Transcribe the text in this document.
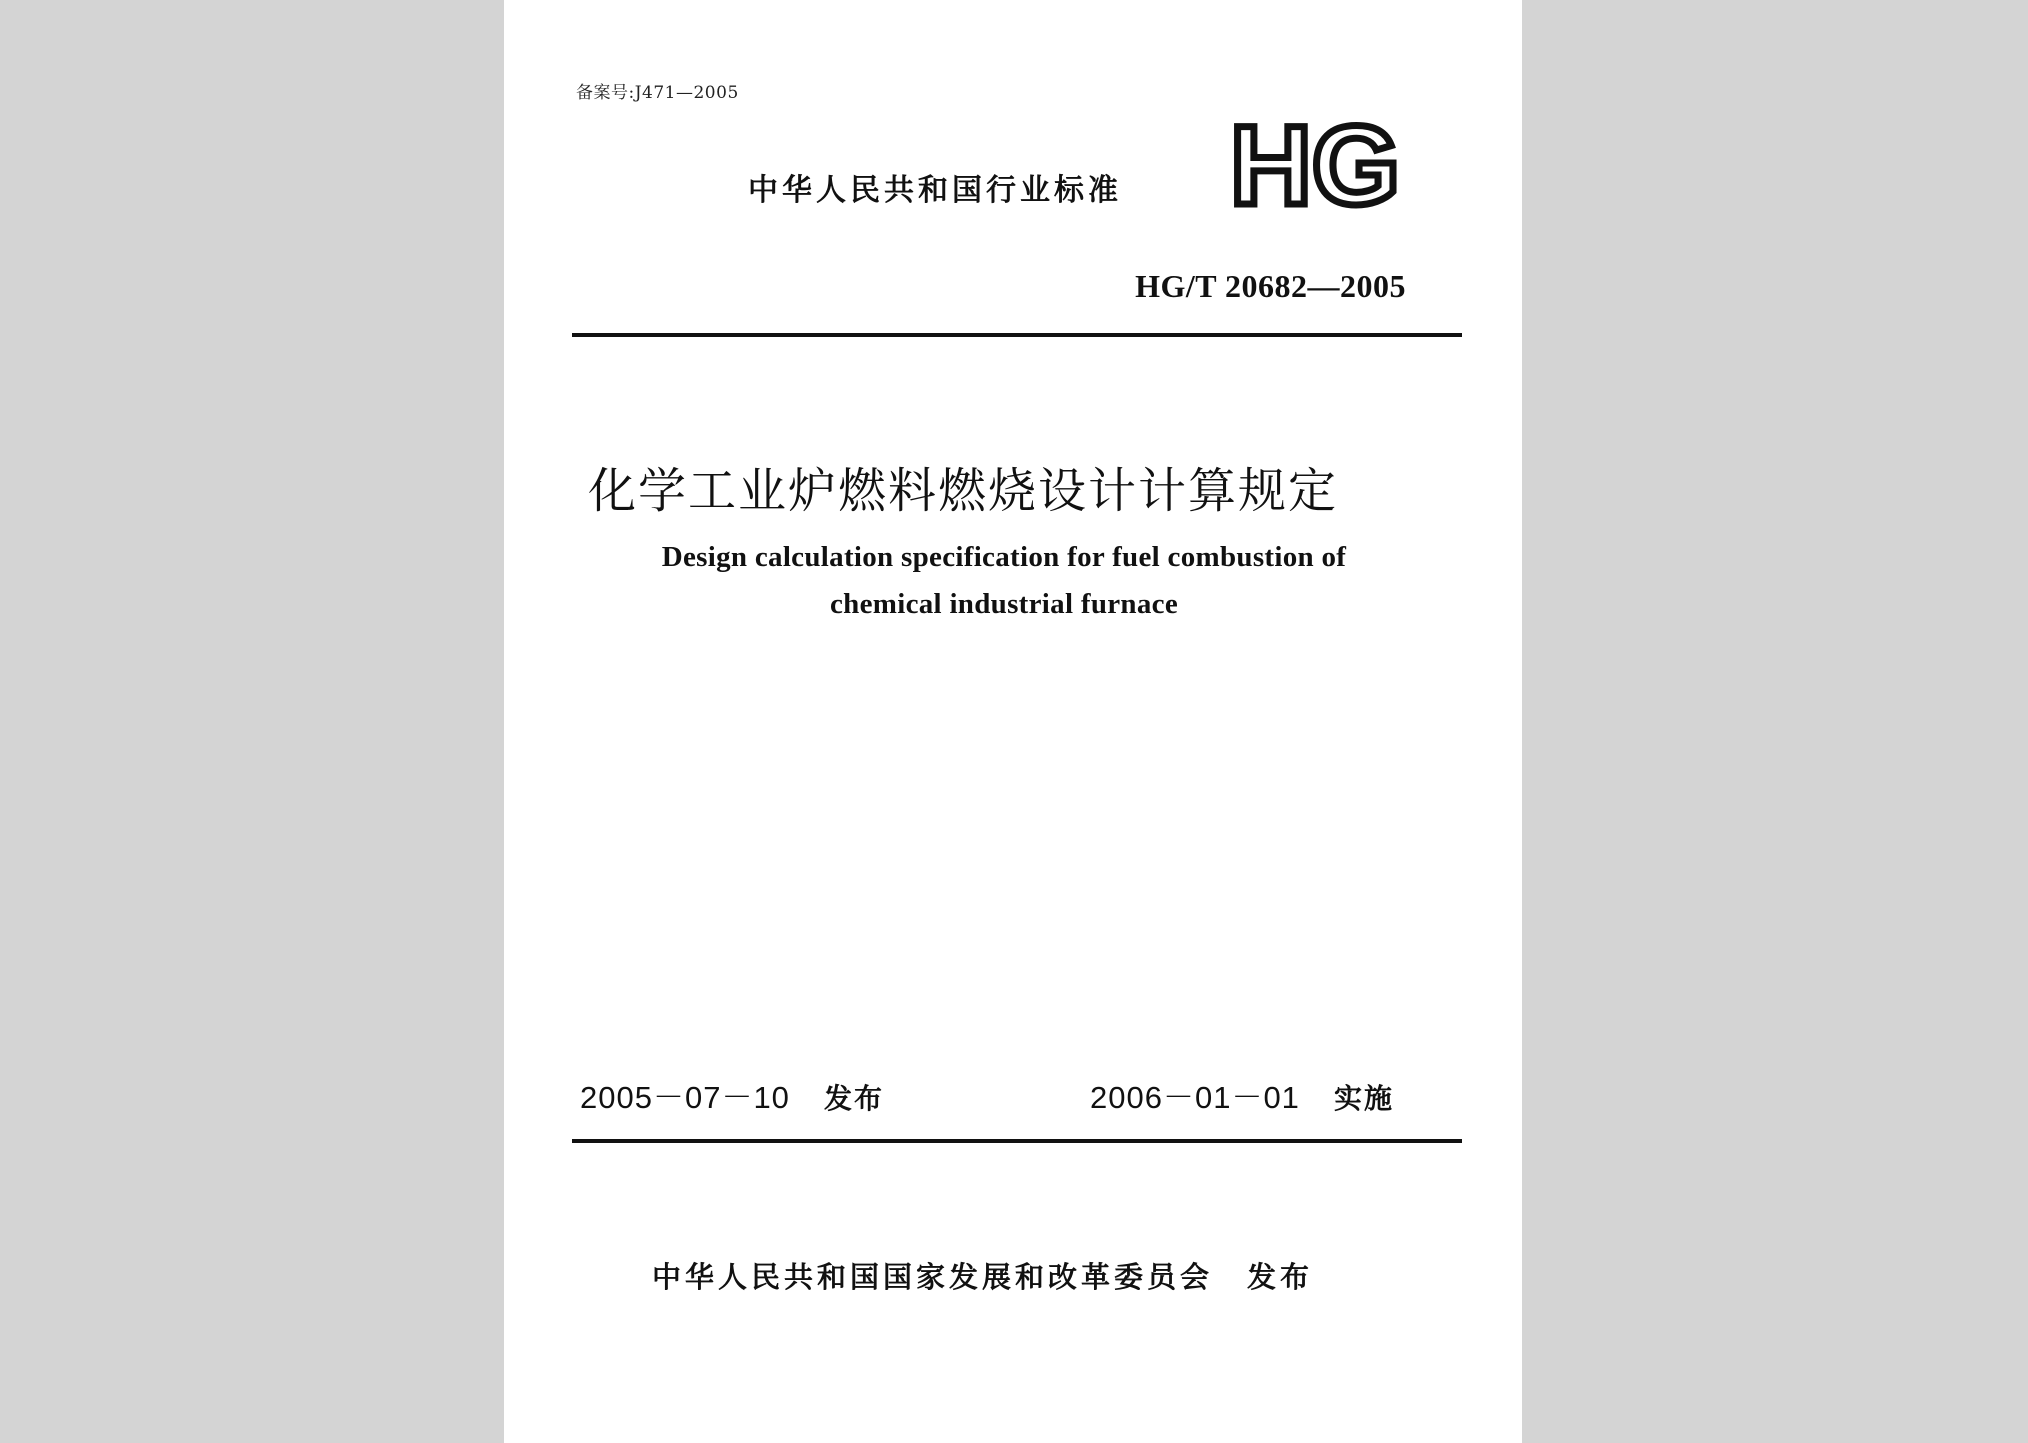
备案号:J471—2005
中华人民共和国行业标准 HG
HG/T 20682—2005
化学工业炉燃料燃烧设计计算规定
Design calculation specification for fuel combustion of
chemical industrial furnace
2005－07－10 发布	2006－01－01 实施
中华人民共和国国家发展和改革委员会 发布
